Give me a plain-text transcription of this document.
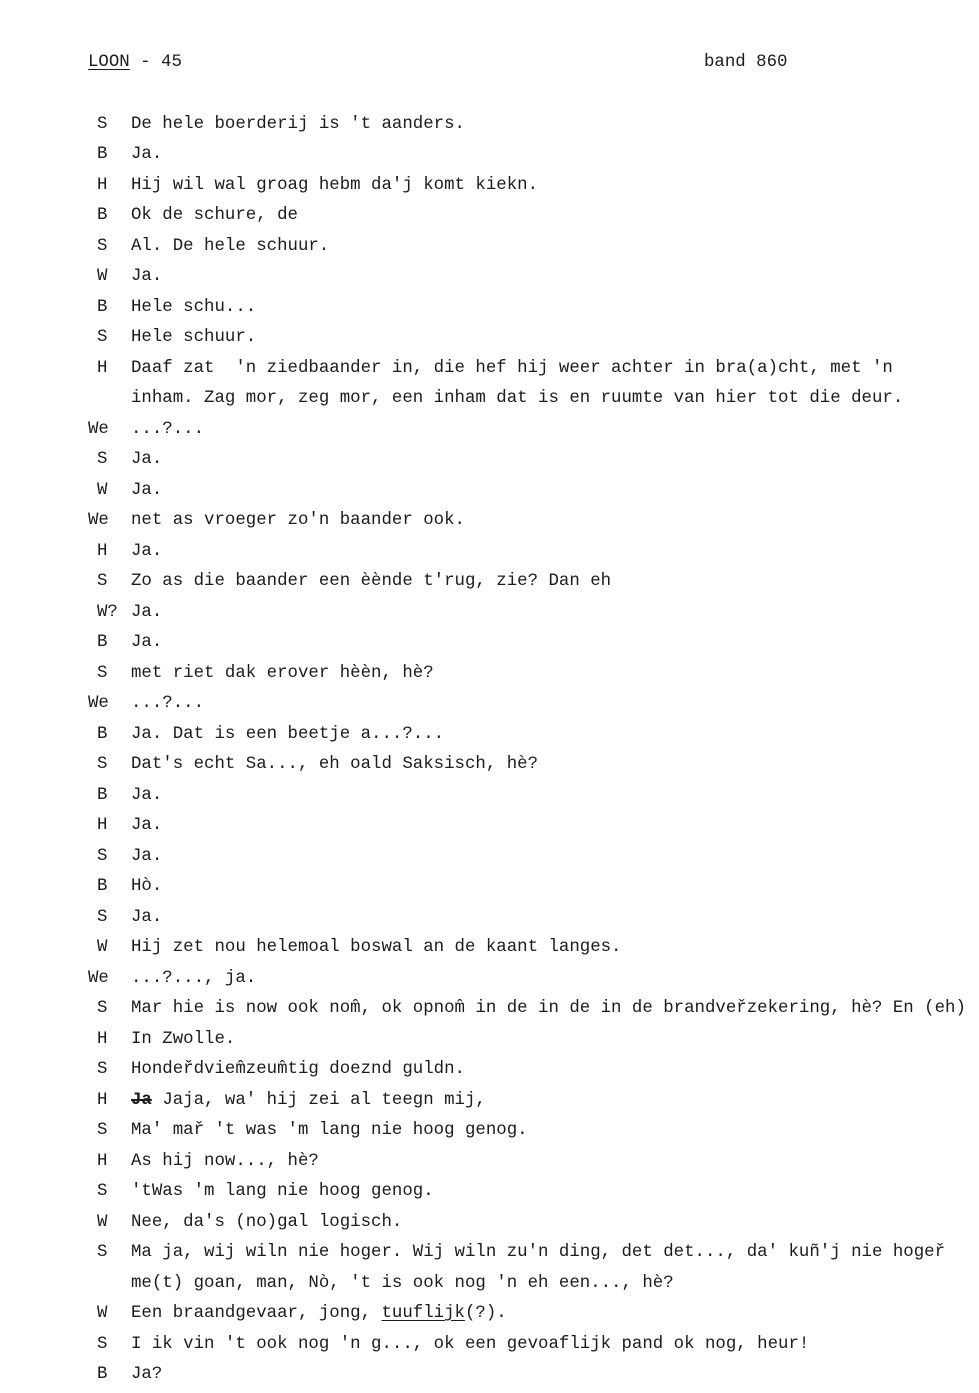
LOON - 45	band 860
S De hele boerderij is 't aanders.
B Ja.
H Hij wil wal groag hebm da'j komt kiekn.
B Ok de schure, de
S Al. De hele schuur.
W Ja.
B Hele schu...
S Hele schuur.
H Daaf zat  'n ziedbaander in, die hef hij weer achter in bra(a)cht, met 'n
inham. Zag mor, zeg mor, een inham dat is en ruumte van hier tot die deur.
We ...?...
S Ja.
W Ja.
We net as vroeger zo'n baander ook.
H Ja.
S Zo as die baander een èènde t'rug, zie? Dan eh
W? Ja.
B Ja.
S met riet dak erover hèèn, hè?
We ...?...
B Ja. Dat is een beetje a...?...
S Dat's echt Sa..., eh oald Saksisch, hè?
B Ja.
H Ja.
S Ja.
B Hò.
S Ja.
W Hij zet nou helemoal boswal an de kaant langes.
We ...?..., ja.
S Mar hie is now ook nom̂, ok opnom̂ in de in de in de brandveřzekering, hè? En (eh)
H In Zwolle.
S Hondeřdviem̂zeum̂tig doeznd guldn.
H Ja Jaja, wa' hij zei al teegn mij,
S Ma' mař 't was 'm lang nie hoog genog.
H As hij now..., hè?
S 'tWas 'm lang nie hoog genog.
W Nee, da's (no)gal logisch.
S Ma ja, wij wiln nie hoger. Wij wiln zu'n ding, det det..., da' kuñ'j nie hogeř
me(t) goan, man, Nò, 't is ook nog 'n eh een..., hè?
W Een braandgevaar, jong, tuuflijk(?).
S I ik vin 't ook nog 'n g..., ok een gevoaflijk pand ok nog, heur!
B Ja?
